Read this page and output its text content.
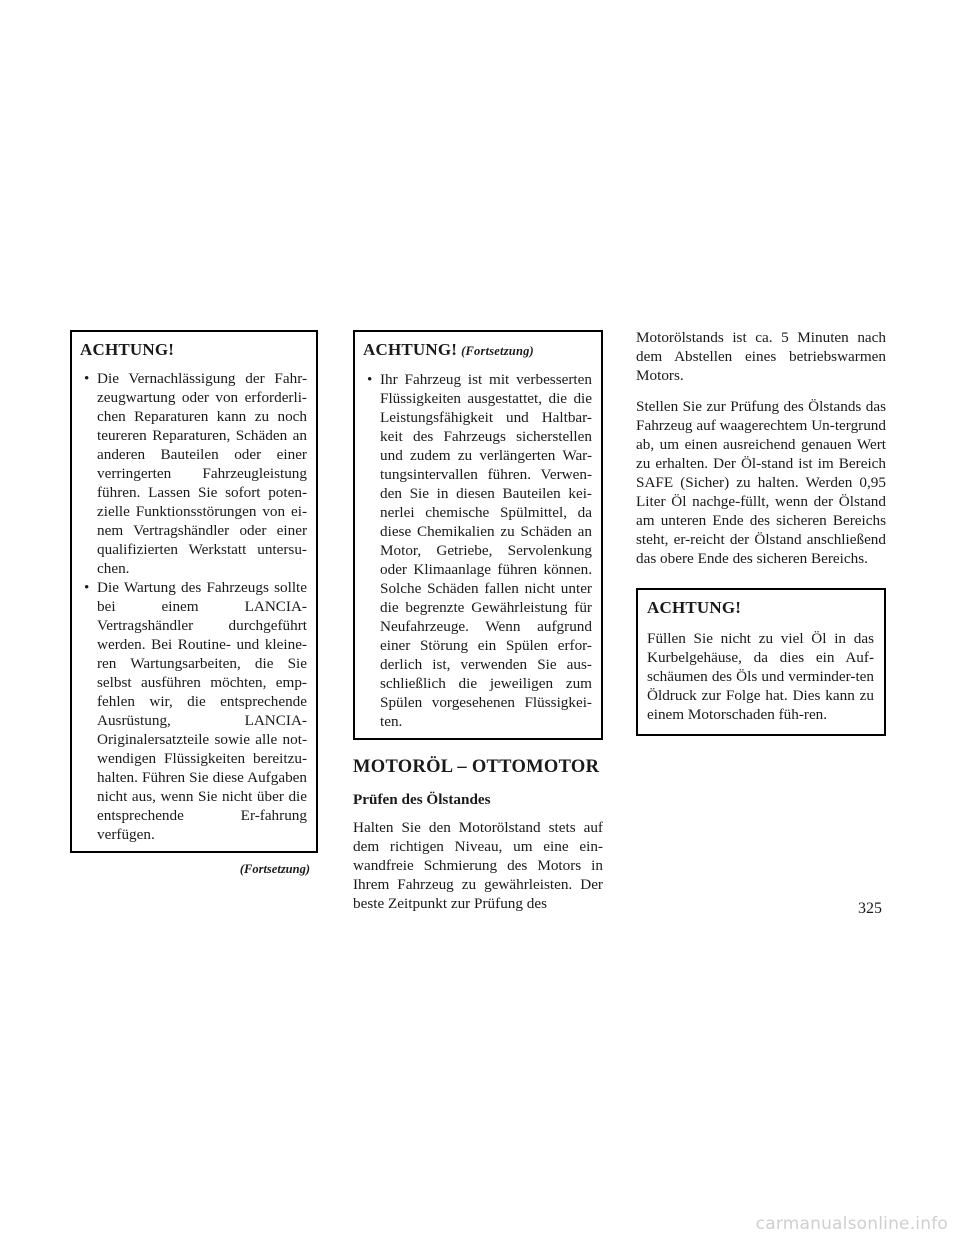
ACHTUNG!
• Die Vernachlässigung der Fahr-zeugwartung oder von erforderli-chen Reparaturen kann zu noch teureren Reparaturen, Schäden an anderen Bauteilen oder einer verringerten Fahrzeugleistung führen. Lassen Sie sofort poten-zielle Funktionsstörungen von ei-nem Vertragshändler oder einer qualifizierten Werkstatt untersu-chen.
• Die Wartung des Fahrzeugs sollte bei einem LANCIA-Vertragshändler durchgeführt werden. Bei Routine- und kleine-ren Wartungsarbeiten, die Sie selbst ausführen möchten, emp-fehlen wir, die entsprechende Ausrüstung, LANCIA-Originalersatzteile sowie alle not-wendigen Flüssigkeiten bereitzu-halten. Führen Sie diese Aufgaben nicht aus, wenn Sie nicht über die entsprechende Er-fahrung verfügen.
(Fortsetzung)
ACHTUNG! (Fortsetzung)
• Ihr Fahrzeug ist mit verbesserten Flüssigkeiten ausgestattet, die die Leistungsfähigkeit und Haltbar-keit des Fahrzeugs sicherstellen und zudem zu verlängerten War-tungsintervallen führen. Verwen-den Sie in diesen Bauteilen kei-nerlei chemische Spülmittel, da diese Chemikalien zu Schäden an Motor, Getriebe, Servolenkung oder Klimaanlage führen können. Solche Schäden fallen nicht unter die begrenzte Gewährleistung für Neufahrzeuge. Wenn aufgrund einer Störung ein Spülen erfor-derlich ist, verwenden Sie aus-schließlich die jeweiligen zum Spülen vorgesehenen Flüssigkei-ten.
MOTORÖL – OTTOMOTOR
Prüfen des Ölstandes

Halten Sie den Motorölstand stets auf dem richtigen Niveau, um eine ein-wandfreie Schmierung des Motors in Ihrem Fahrzeug zu gewährleisten. Der beste Zeitpunkt zur Prüfung des

Motorölstands ist ca. 5 Minuten nach dem Abstellen eines betriebswarmen Motors.

Stellen Sie zur Prüfung des Ölstands das Fahrzeug auf waagerechtem Un-tergrund ab, um einen ausreichend genauen Wert zu erhalten. Der Öl-stand ist im Bereich SAFE (Sicher) zu halten. Werden 0,95 Liter Öl nachge-füllt, wenn der Ölstand am unteren Ende des sicheren Bereichs steht, er-reicht der Ölstand anschließend das obere Ende des sicheren Bereichs.

ACHTUNG!

Füllen Sie nicht zu viel Öl in das Kurbelgehäuse, da dies ein Auf-schäumen des Öls und verminder-ten Öldruck zur Folge hat. Dies kann zu einem Motorschaden füh-ren.

325
carmanualsonline.info
